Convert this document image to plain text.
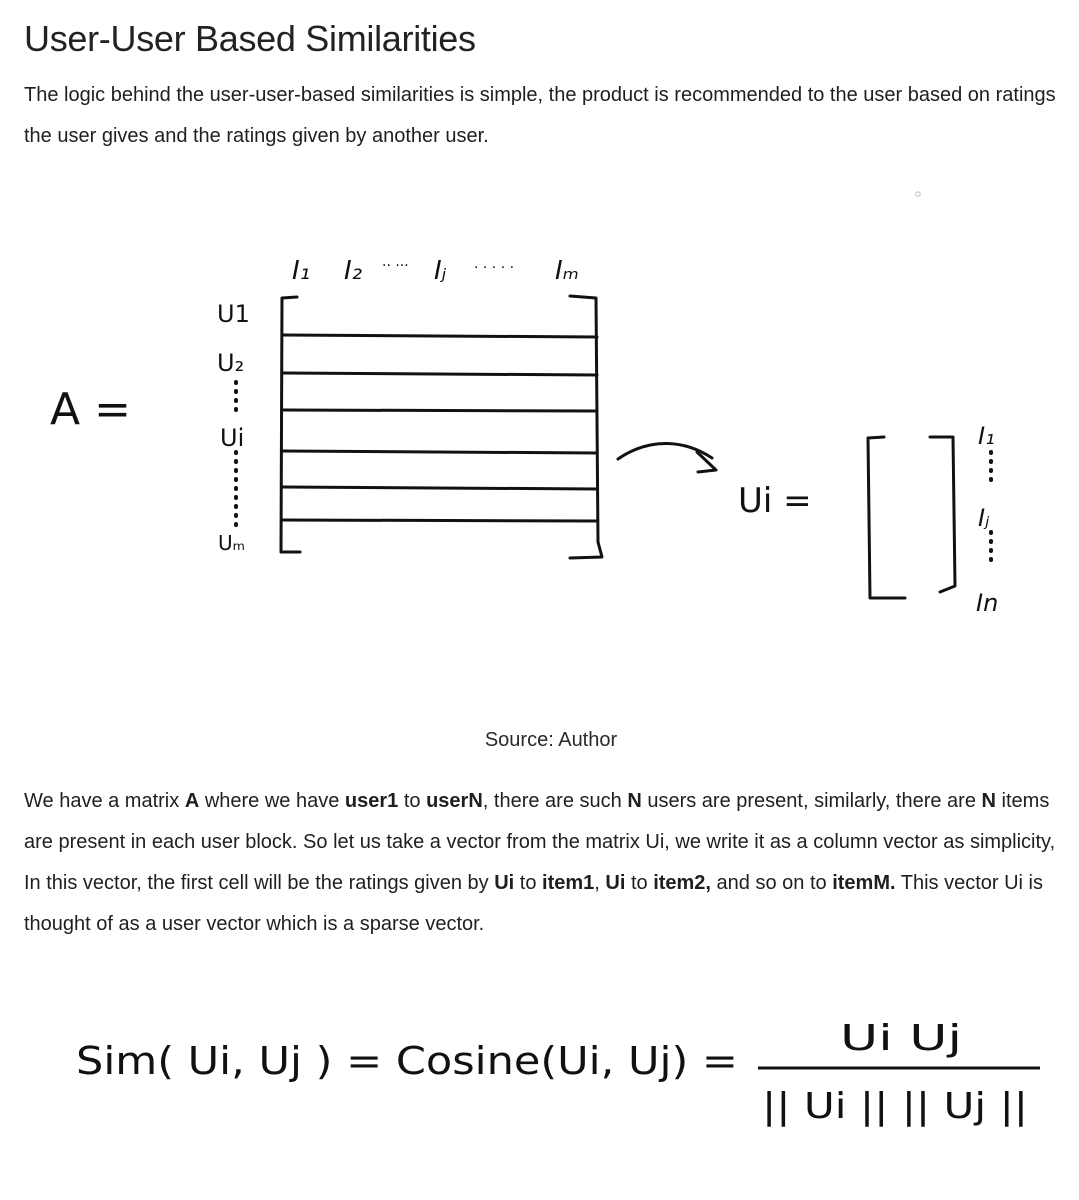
User-User Based Similarities

The logic behind the user-user-based similarities is simple, the product is recommended to the user based on ratings the user gives and the ratings given by another user.

A =
I₁ I₂ ·· ··· Iⱼ · · · · · Iₘ
U1
U₂
Ui
Uₘ
Ui =
I₁
Iⱼ
In

Source: Author

We have a matrix A where we have user1 to userN, there are such N users are present, similarly, there are N items are present in each user block. So let us take a vector from the matrix Ui, we write it as a column vector as simplicity, In this vector, the first cell will be the ratings given by Ui to item1, Ui to item2, and so on to itemM. This vector Ui is thought of as a user vector which is a sparse vector.

Sim( Ui, Uj ) = Cosine(Ui, Uj) =
Ui Uj
|| Ui || || Uj ||
